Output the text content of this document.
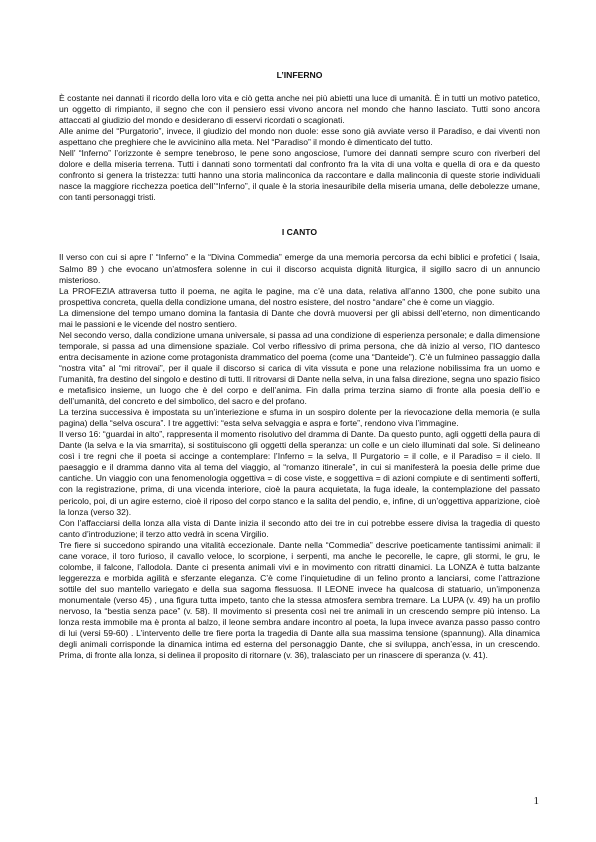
L’INFERNO

È costante nei dannati il ricordo della loro vita e ciò getta anche nei più abietti una luce di umanità. È in tutti un motivo patetico, un oggetto di rimpianto, il segno che con il pensiero essi vivono ancora nel mondo che hanno lasciato. Tutti sono ancora attaccati al giudizio del mondo e desiderano di esservi ricordati o scagionati.

Alle anime del “Purgatorio”, invece, il giudizio del mondo non duole: esse sono già avviate verso il Paradiso, e dai viventi non aspettano che preghiere che le avvicinino alla meta. Nel “Paradiso” il mondo è dimenticato del tutto.

Nell’ “Inferno” l’orizzonte è sempre tenebroso, le pene sono angosciose, l’umore dei dannati sempre scuro con riverberi del dolore e della miseria terrena. Tutti i dannati sono tormentati dal confronto fra la vita di una volta e quella di ora e da questo confronto si genera la tristezza: tutti hanno una storia malinconica da raccontare e dalla malinconia di queste storie individuali nasce la maggiore ricchezza poetica dell’“Inferno”, il quale è la storia inesauribile della miseria umana, delle debolezze umane, con tanti personaggi tristi.

I CANTO

Il verso con cui si apre l’ “Inferno” e la “Divina Commedia” emerge da una memoria percorsa da echi biblici e profetici ( Isaia, Salmo 89 ) che evocano un’atmosfera solenne in cui il discorso acquista dignità liturgica, il sigillo sacro di un annuncio misterioso.

La PROFEZIA attraversa tutto il poema, ne agita le pagine, ma c’è una data, relativa all’anno 1300, che pone subito una prospettiva concreta, quella della condizione umana, del nostro esistere, del nostro “andare” che è come un viaggio.

La dimensione del tempo umano domina la fantasia di Dante che dovrà muoversi per gli abissi dell’eterno, non dimenticando mai le passioni e le vicende del nostro sentiero.

Nel secondo verso, dalla condizione umana universale, si passa ad una condizione di esperienza personale; e dalla dimensione temporale, si passa ad una dimensione spaziale. Col verbo riflessivo di prima persona, che dà inizio al verso, l’IO dantesco entra decisamente in azione come protagonista drammatico del poema (come una “Danteide”). C’è un fulmineo passaggio dalla “nostra vita” al “mi ritrovai”, per il quale il discorso si carica di vita vissuta e pone una relazione nobilissima fra un uomo e l’umanità, fra destino del singolo e destino di tutti. Il ritrovarsi di Dante nella selva, in una falsa direzione, segna uno spazio fisico e metafisico insieme, un luogo che è del corpo e dell’anima. Fin dalla prima terzina siamo di fronte alla poesia dell’io e dell’umanità, del concreto e del simbolico, del sacro e del profano.

La terzina successiva è impostata su un’interiezione e sfuma in un sospiro dolente per la rievocazione della memoria (e sulla pagina) della “selva oscura”. I tre aggettivi: “esta selva selvaggia e aspra e forte”, rendono viva l’immagine.

Il verso 16: “guardai in alto”, rappresenta il momento risolutivo del dramma di Dante. Da questo punto, agli oggetti della paura di Dante (la selva e la via smarrita), si sostituiscono gli oggetti della speranza: un colle e un cielo illuminati dal sole. Si delineano così i tre regni che il poeta si accinge a contemplare: l’Inferno = la selva, Il Purgatorio = il colle, e il Paradiso = il cielo. Il paesaggio e il dramma danno vita al tema del viaggio, al “romanzo itinerale”, in cui si manifesterà la poesia delle prime due cantiche. Un viaggio con una fenomenologia oggettiva = di cose viste, e soggettiva = di azioni compiute e di sentimenti sofferti, con la registrazione, prima, di una vicenda interiore, cioè la paura acquietata, la fuga ideale, la contemplazione del passato pericolo, poi, di un agire esterno, cioè il riposo del corpo stanco e la salita del pendio, e, infine, di un’oggettiva apparizione, cioè la lonza (verso 32).

Con l’affacciarsi della lonza alla vista di Dante inizia il secondo atto dei tre in cui potrebbe essere divisa la tragedia di questo canto d’introduzione; il terzo atto vedrà in scena Virgilio.

Tre fiere si succedono spirando una vitalità eccezionale. Dante nella “Commedia” descrive poeticamente tantissimi animali: il cane vorace, il toro furioso, il cavallo veloce, lo scorpione, i serpenti, ma anche le pecorelle, le capre, gli stormi, le gru, le colombe, il falcone, l’allodola. Dante ci presenta animali vivi e in movimento con ritratti dinamici. La LONZA è tutta balzante leggerezza e morbida agilità e sferzante eleganza. C’è come l’inquietudine di un felino pronto a lanciarsi, come l’attrazione sottile del suo mantello variegato e della sua sagoma flessuosa. Il LEONE invece ha qualcosa di statuario, un’imponenza monumentale (verso 45) , una figura tutta impeto, tanto che la stessa atmosfera sembra tremare. La LUPA (v. 49) ha un profilo nervoso, la “bestia senza pace” (v. 58). Il movimento si presenta così nei tre animali in un crescendo sempre più intenso. La lonza resta immobile ma è pronta al balzo, il leone sembra andare incontro al poeta, la lupa invece avanza passo passo contro di lui (versi 59-60) . L’intervento delle tre fiere porta la tragedia di Dante alla sua massima tensione (spannung). Alla dinamica degli animali corrisponde la dinamica intima ed esterna del personaggio Dante, che si sviluppa, anch’essa, in un crescendo. Prima, di fronte alla lonza, si delinea il proposito di ritornare (v. 36), tralasciato per un rinascere di speranza (v. 41).

1
